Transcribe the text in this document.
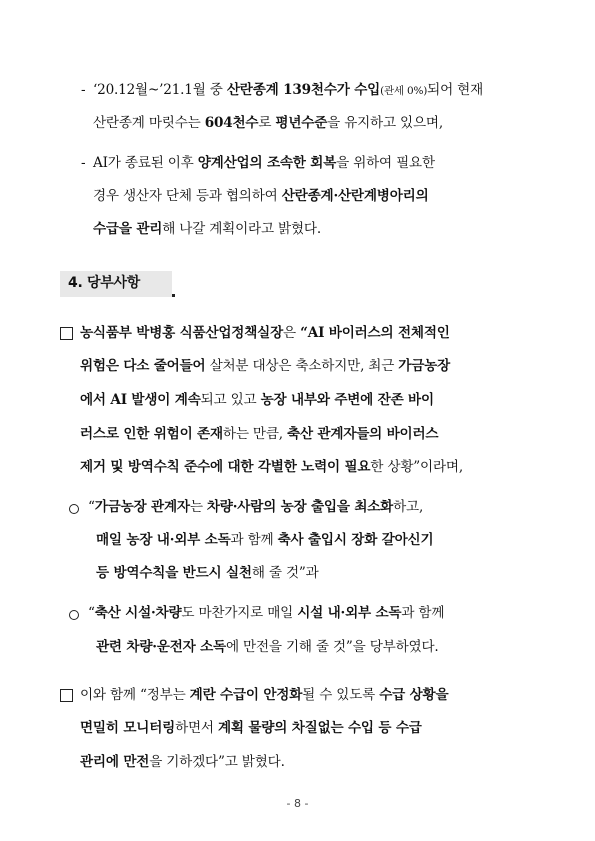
- ‘20.12월~’21.1월 중 산란종계 139천수가 수입(관세 0%)되어 현재
산란종계 마릿수는 604천수로 평년수준을 유지하고 있으며,
- AI가 종료된 이후 양계산업의 조속한 회복을 위하여 필요한
경우 생산자 단체 등과 협의하여 산란종계·산란계병아리의
수급을 관리해 나갈 계획이라고 밝혔다.
4. 당부사항
농식품부 박병홍 식품산업정책실장은 “AI 바이러스의 전체적인
위험은 다소 줄어들어 살처분 대상은 축소하지만, 최근 가금농장
에서 AI 발생이 계속되고 있고 농장 내부와 주변에 잔존 바이
러스로 인한 위험이 존재하는 만큼, 축산 관계자들의 바이러스
제거 및 방역수칙 준수에 대한 각별한 노력이 필요한 상황”이라며,
“가금농장 관계자는 차량·사람의 농장 출입을 최소화하고,
매일 농장 내·외부 소독과 함께 축사 출입시 장화 갈아신기
등 방역수칙을 반드시 실천해 줄 것”과
“축산 시설·차량도 마찬가지로 매일 시설 내·외부 소독과 함께
관련 차량·운전자 소독에 만전을 기해 줄 것”을 당부하였다.
이와 함께 “정부는 계란 수급이 안정화될 수 있도록 수급 상황을
면밀히 모니터링하면서 계획 물량의 차질없는 수입 등 수급
관리에 만전을 기하겠다”고 밝혔다.
- 8 -
